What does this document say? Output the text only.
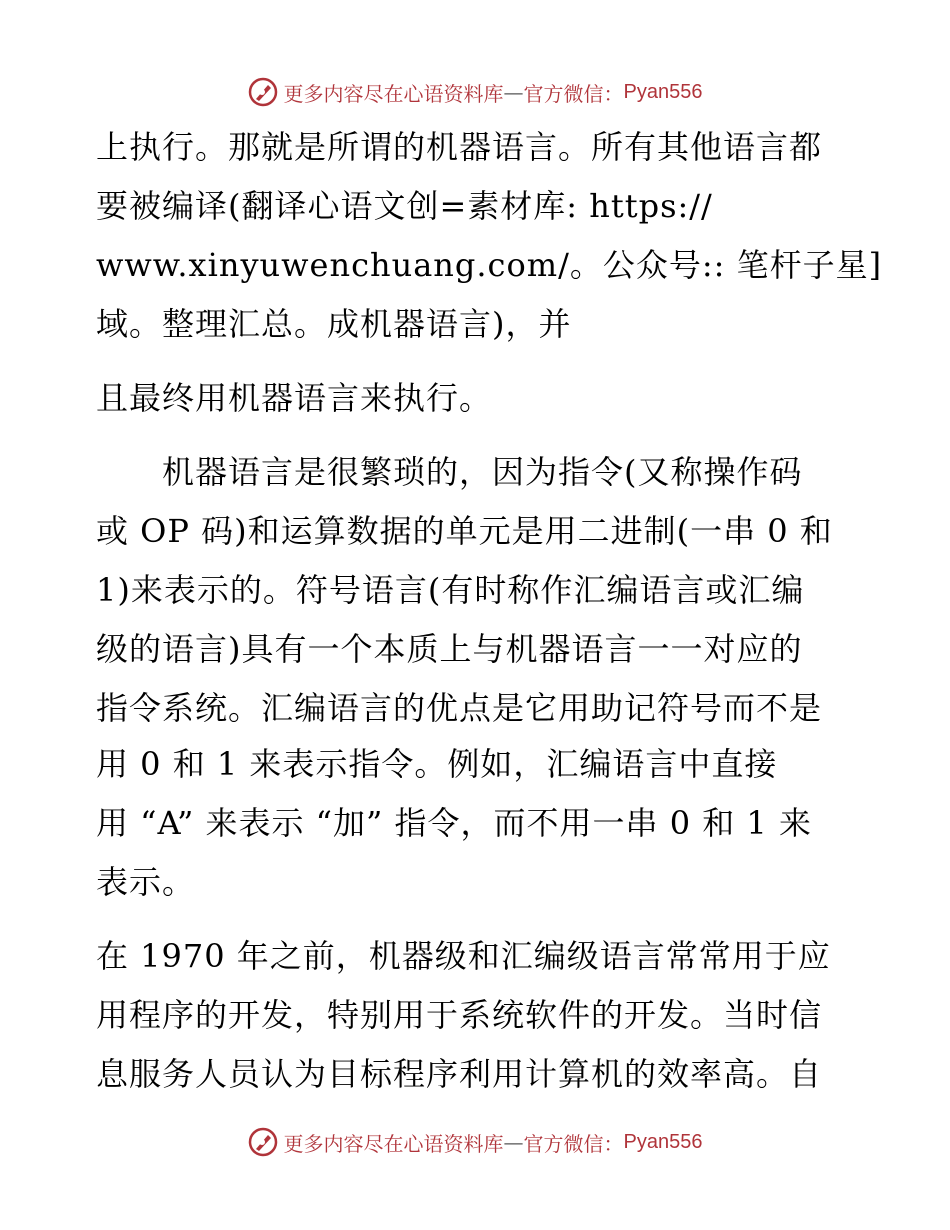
更多内容尽在心语资料库 — 官方微信： Pyan556
上执行。那就是所谓的机器语言。所有其他语言都
要被编译(翻译心语文创=素材库: https://
www.xinyuwenchuang.com/。公众号:: 笔杆子星]
域。整理汇总。成机器语言)，并
且最终用机器语言来执行。
　　机器语言是很繁琐的，因为指令(又称操作码
或 OP 码)和运算数据的单元是用二进制(一串 0 和
1)来表示的。符号语言(有时称作汇编语言或汇编
级的语言)具有一个本质上与机器语言一一对应的
指令系统。汇编语言的优点是它用助记符号而不是
用 0 和 1 来表示指令。例如，汇编语言中直接
用 “A” 来表示 “加” 指令，而不用一串 0 和 1 来
表示。
在 1970 年之前，机器级和汇编级语言常常用于应
用程序的开发，特别用于系统软件的开发。当时信
息服务人员认为目标程序利用计算机的效率高。自
更多内容尽在心语资料库 — 官方微信： Pyan556
